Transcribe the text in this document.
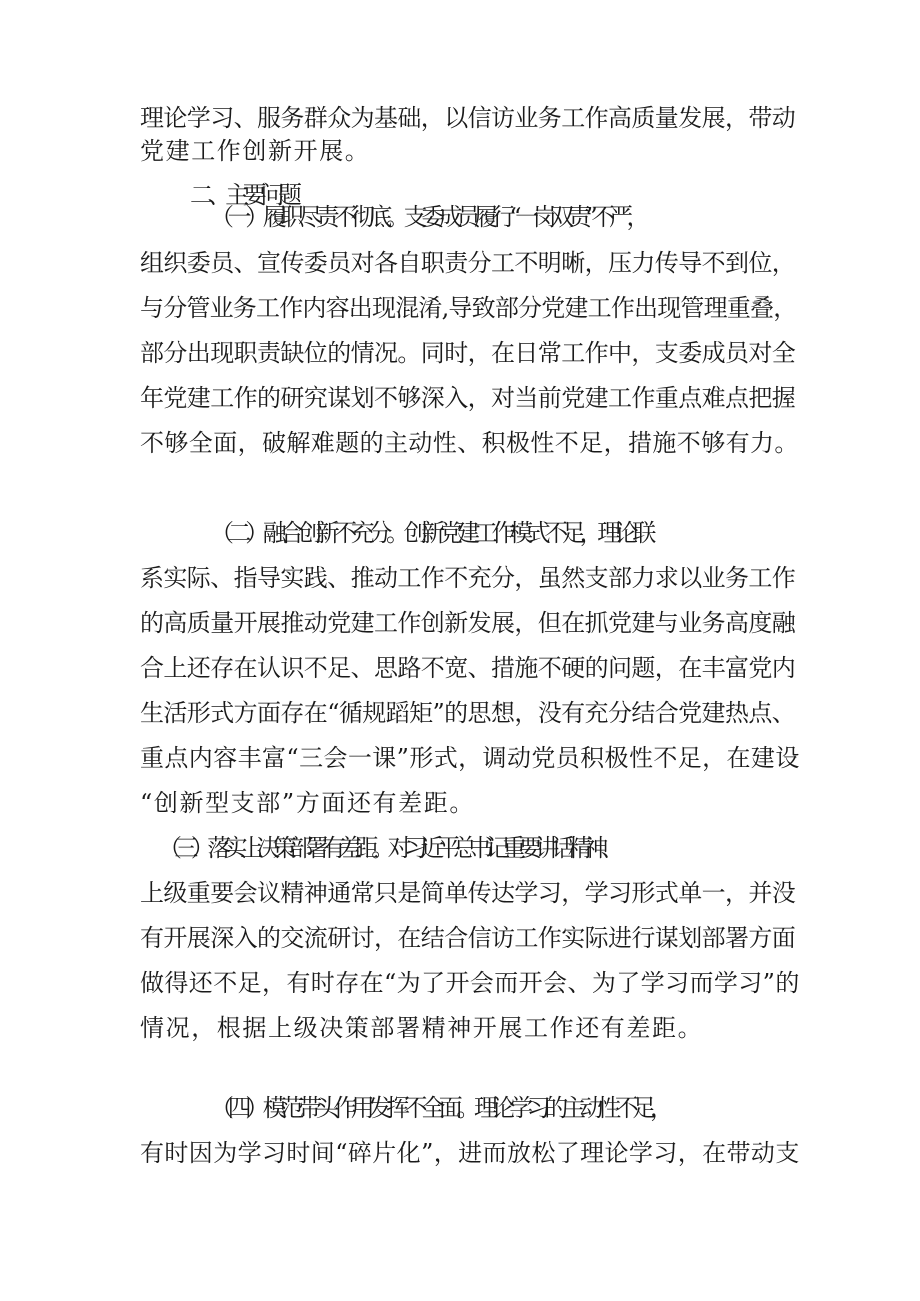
理论学习、服务群众为基础，以信访业务工作高质量发展，带动
党建工作创新开展。
二、主要问题
（一）履职尽责不彻底。支委成员履行“一岗双责”不严，
组织委员、宣传委员对各自职责分工不明晰，压力传导不到位，
与分管业务工作内容出现混淆,导致部分党建工作出现管理重叠，
部分出现职责缺位的情况。同时，在日常工作中，支委成员对全
年党建工作的研究谋划不够深入，对当前党建工作重点难点把握
不够全面，破解难题的主动性、积极性不足，措施不够有力。
（二）融合创新不充分。创新党建工作模式不足，理论联
系实际、指导实践、推动工作不充分，虽然支部力求以业务工作
的高质量开展推动党建工作创新发展，但在抓党建与业务高度融
合上还存在认识不足、思路不宽、措施不硬的问题，在丰富党内
生活形式方面存在“循规蹈矩”的思想，没有充分结合党建热点、
重点内容丰富“三会一课”形式，调动党员积极性不足，在建设
“创新型支部”方面还有差距。
（三）落实上决策部署有差距。对习近平总书记重要讲话精神、
上级重要会议精神通常只是简单传达学习，学习形式单一，并没
有开展深入的交流研讨，在结合信访工作实际进行谋划部署方面
做得还不足，有时存在“为了开会而开会、为了学习而学习”的
情况，根据上级决策部署精神开展工作还有差距。
（四）模范带头作用发挥不全面。理论学习的主动性不足，
有时因为学习时间“碎片化”，进而放松了理论学习，在带动支
